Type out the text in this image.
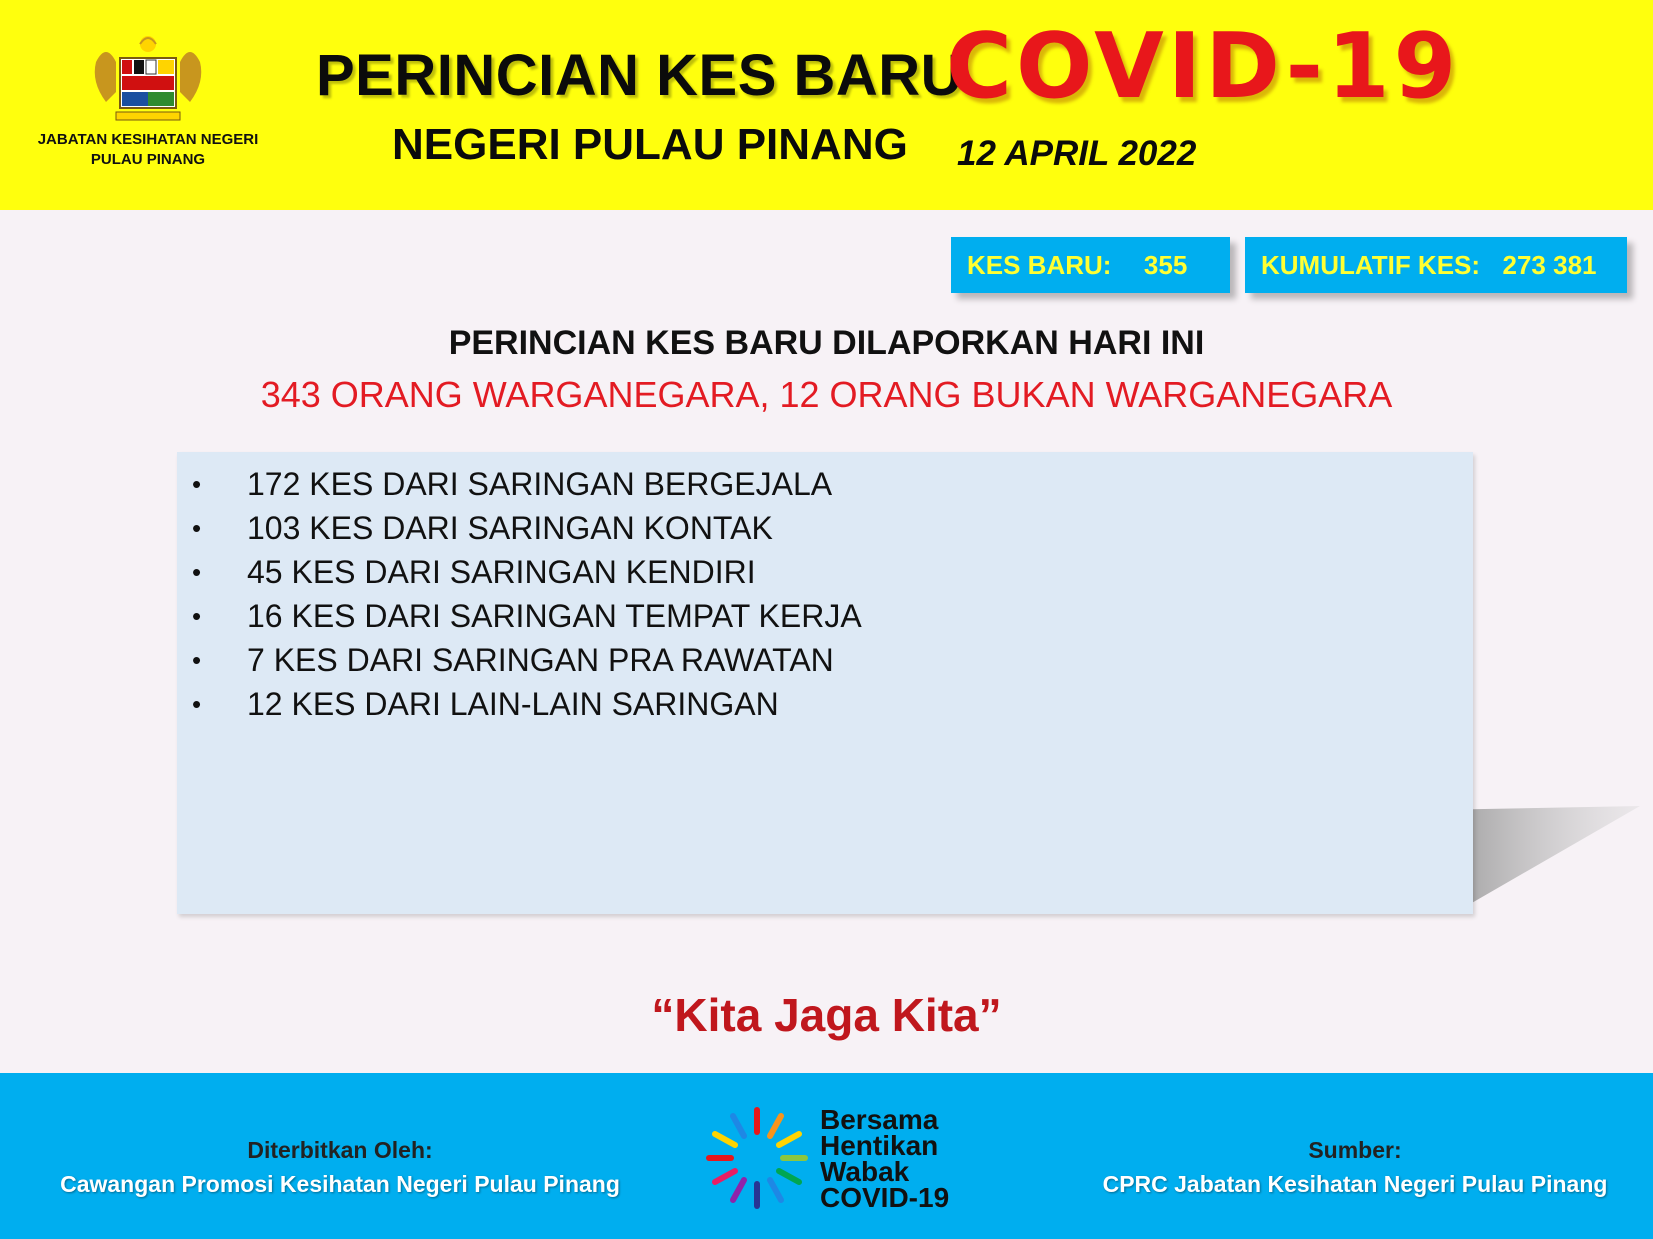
JABATAN KESIHATAN NEGERI
PULAU PINANG
PERINCIAN KES BARU
COVID-19
NEGERI PULAU PINANG 12 APRIL 2022
KES BARU: 355	KUMULATIF KES: 273 381
PERINCIAN KES BARU DILAPORKAN HARI INI
343 ORANG WARGANEGARA, 12 ORANG BUKAN WARGANEGARA
• 172 KES DARI SARINGAN BERGEJALA
• 103 KES DARI SARINGAN KONTAK
• 45 KES DARI SARINGAN KENDIRI
• 16 KES DARI SARINGAN TEMPAT KERJA
• 7 KES DARI SARINGAN PRA RAWATAN
• 12 KES DARI LAIN-LAIN SARINGAN
“Kita Jaga Kita”
Diterbitkan Oleh:
Cawangan Promosi Kesihatan Negeri Pulau Pinang
Bersama
Hentikan
Wabak
COVID-19
Sumber:
CPRC Jabatan Kesihatan Negeri Pulau Pinang
